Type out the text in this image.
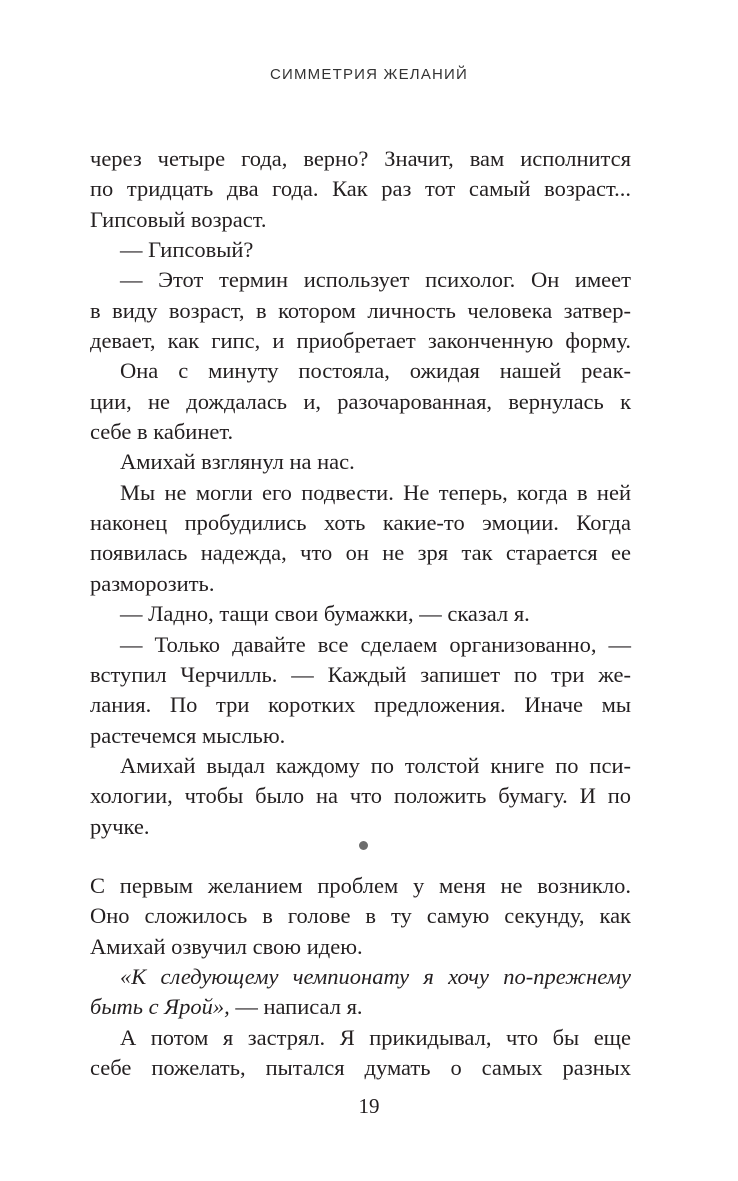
СИММЕТРИЯ ЖЕЛАНИЙ
через четыре года, верно? Значит, вам исполнится
по тридцать два года. Как раз тот самый возраст...
Гипсовый возраст.
— Гипсовый?
— Этот термин использует психолог. Он имеет
в виду возраст, в котором личность человека затвер-
девает, как гипс, и приобретает законченную форму.
Она с минуту постояла, ожидая нашей реак-
ции, не дождалась и, разочарованная, вернулась к
себе в кабинет.
Амихай взглянул на нас.
Мы не могли его подвести. Не теперь, когда в ней
наконец пробудились хоть какие-то эмоции. Когда
появилась надежда, что он не зря так старается ее
разморозить.
— Ладно, тащи свои бумажки, — сказал я.
— Только давайте все сделаем организованно, —
вступил Черчилль. — Каждый запишет по три же-
лания. По три коротких предложения. Иначе мы
растечемся мыслью.
Амихай выдал каждому по толстой книге по пси-
хологии, чтобы было на что положить бумагу. И по
ручке.
С первым желанием проблем у меня не возникло.
Оно сложилось в голове в ту самую секунду, как
Амихай озвучил свою идею.
«К следующему чемпионату я хочу по-прежнему
быть с Ярой», — написал я.
А потом я застрял. Я прикидывал, что бы еще
себе пожелать, пытался думать о самых разных
19
